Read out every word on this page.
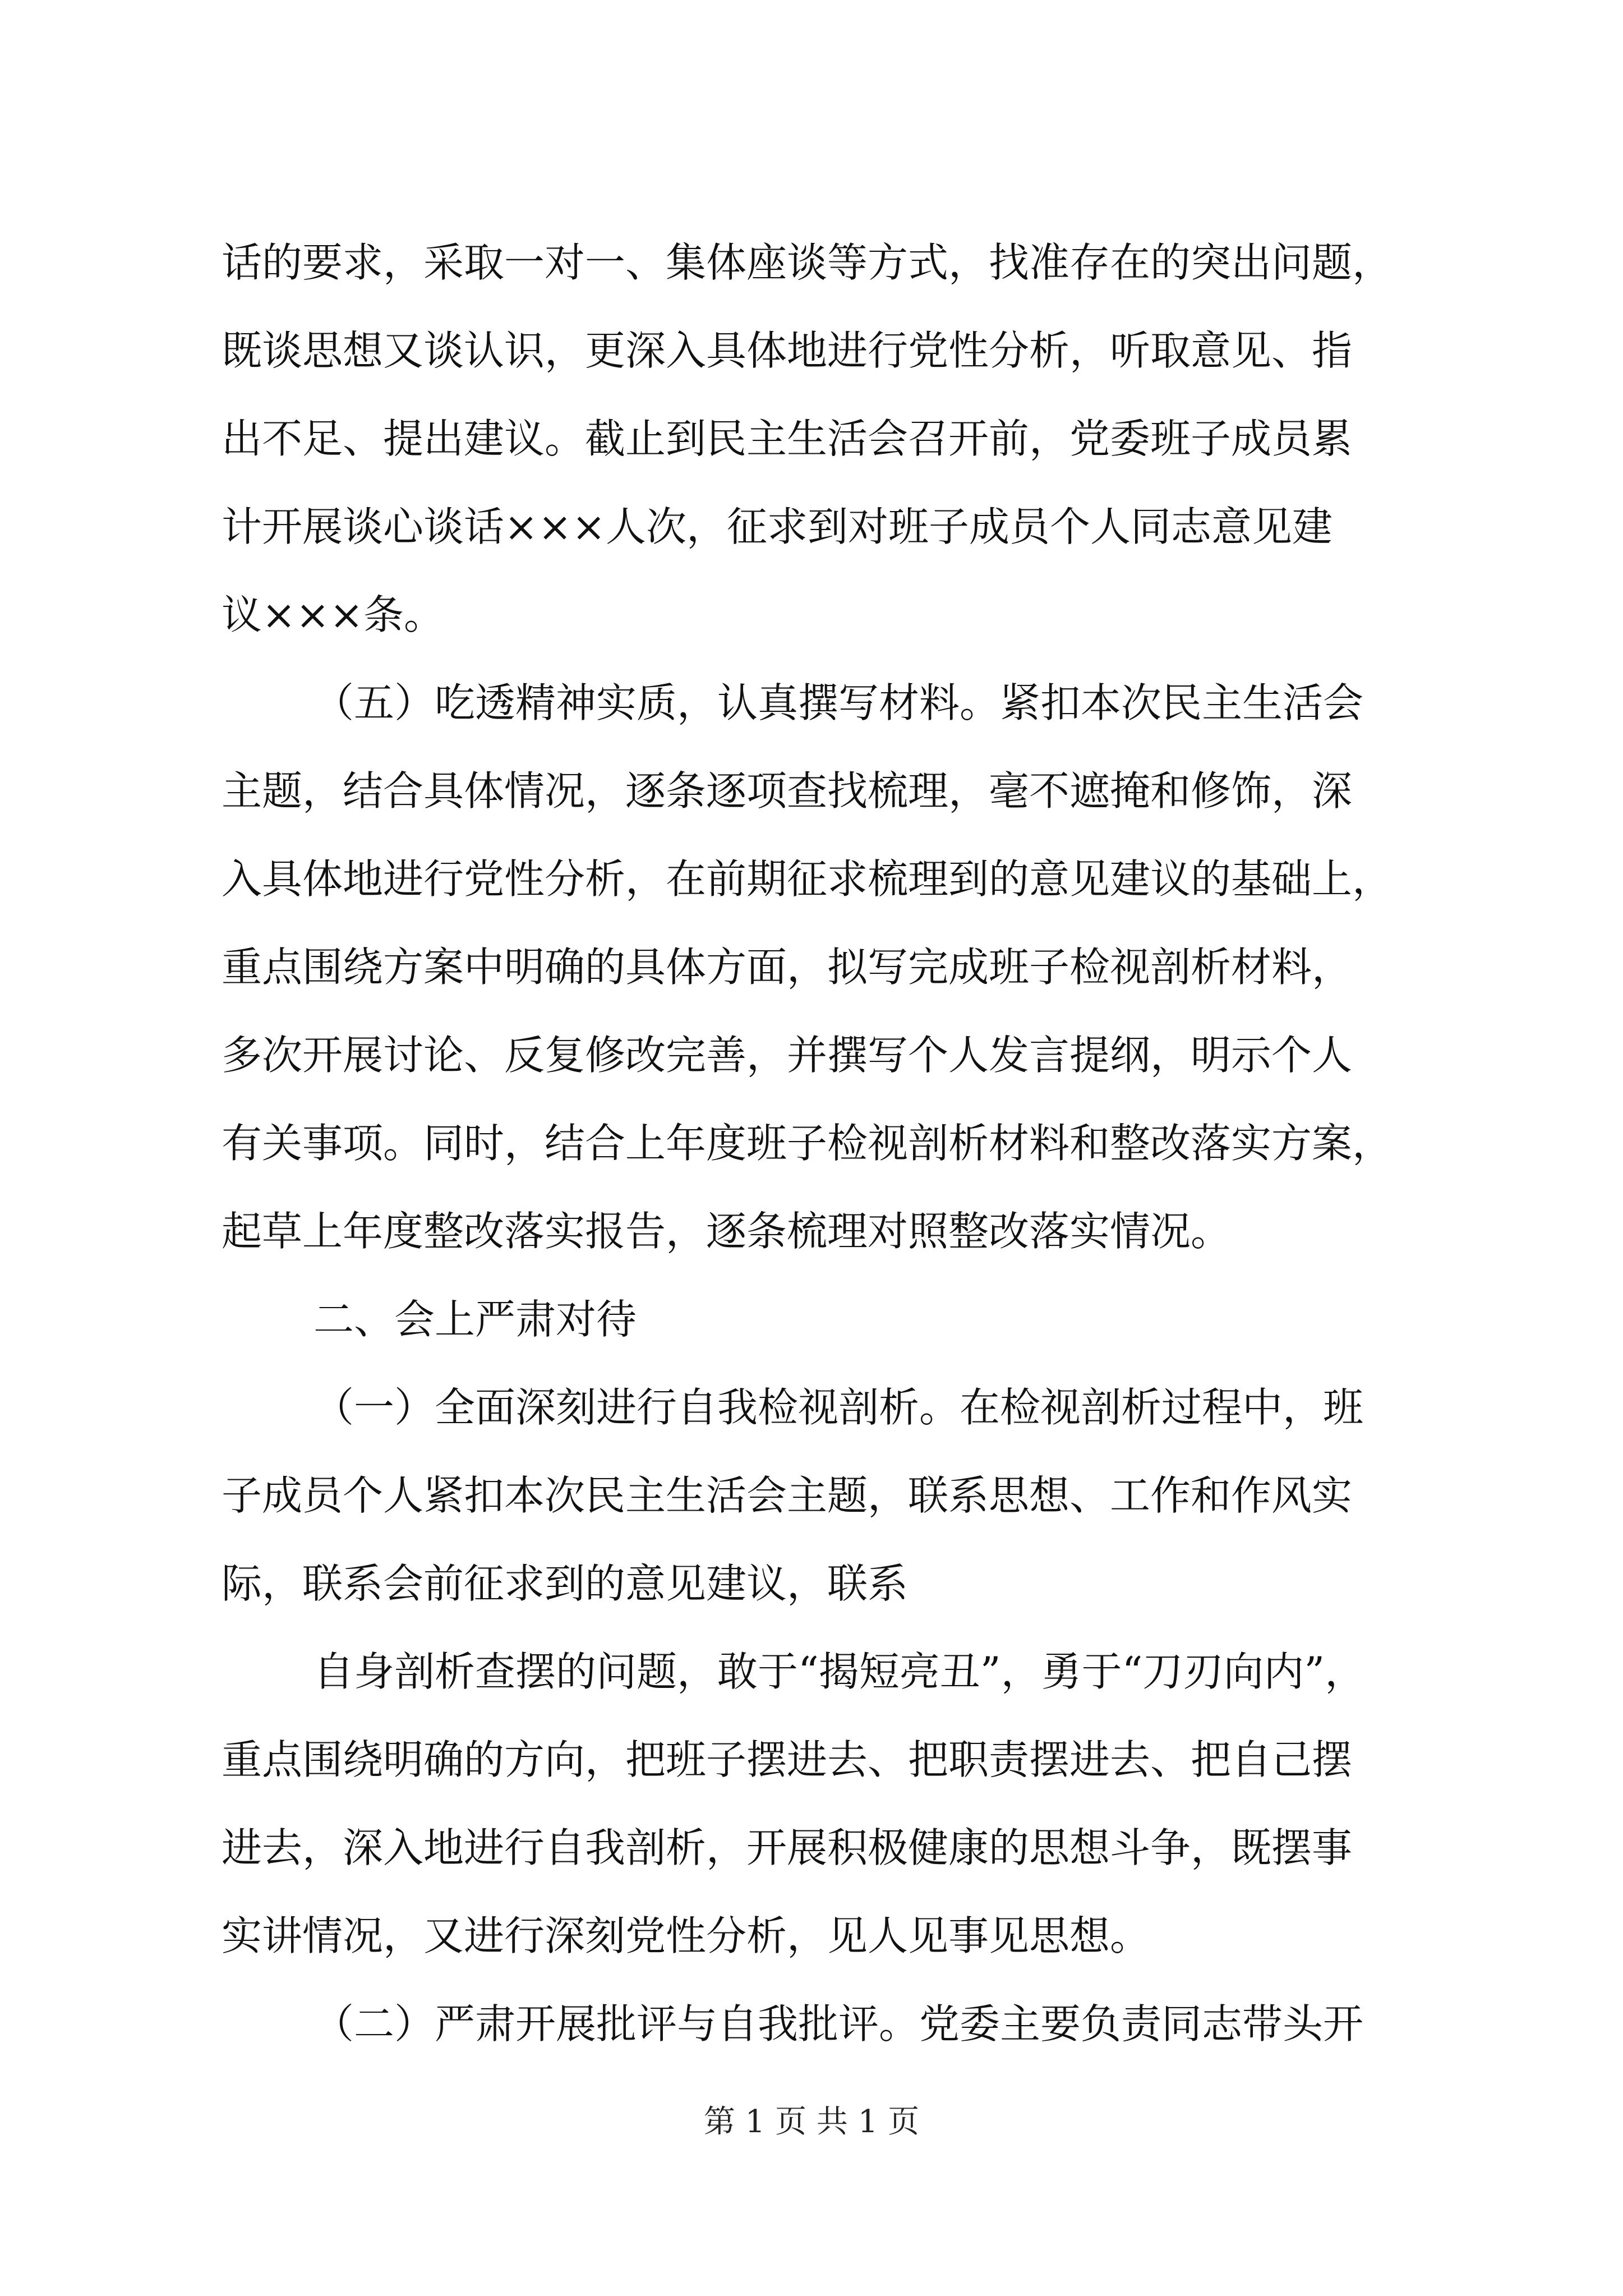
话的要求，采取一对一、集体座谈等方式，找准存在的突出问题，
既谈思想又谈认识，更深入具体地进行党性分析，听取意见、指
出不足、提出建议。截止到民主生活会召开前，党委班子成员累
计开展谈心谈话×××人次，征求到对班子成员个人同志意见建
议×××条。
（五）吃透精神实质，认真撰写材料。紧扣本次民主生活会
主题，结合具体情况，逐条逐项查找梳理，毫不遮掩和修饰，深
入具体地进行党性分析，在前期征求梳理到的意见建议的基础上，
重点围绕方案中明确的具体方面，拟写完成班子检视剖析材料，
多次开展讨论、反复修改完善，并撰写个人发言提纲，明示个人
有关事项。同时，结合上年度班子检视剖析材料和整改落实方案，
起草上年度整改落实报告，逐条梳理对照整改落实情况。
二、会上严肃对待
（一）全面深刻进行自我检视剖析。在检视剖析过程中，班
子成员个人紧扣本次民主生活会主题，联系思想、工作和作风实
际，联系会前征求到的意见建议，联系
自身剖析查摆的问题，敢于“揭短亮丑”，勇于“刀刃向内”，
重点围绕明确的方向，把班子摆进去、把职责摆进去、把自己摆
进去，深入地进行自我剖析，开展积极健康的思想斗争，既摆事
实讲情况，又进行深刻党性分析，见人见事见思想。
（二）严肃开展批评与自我批评。党委主要负责同志带头开
第 1 页 共 1 页
